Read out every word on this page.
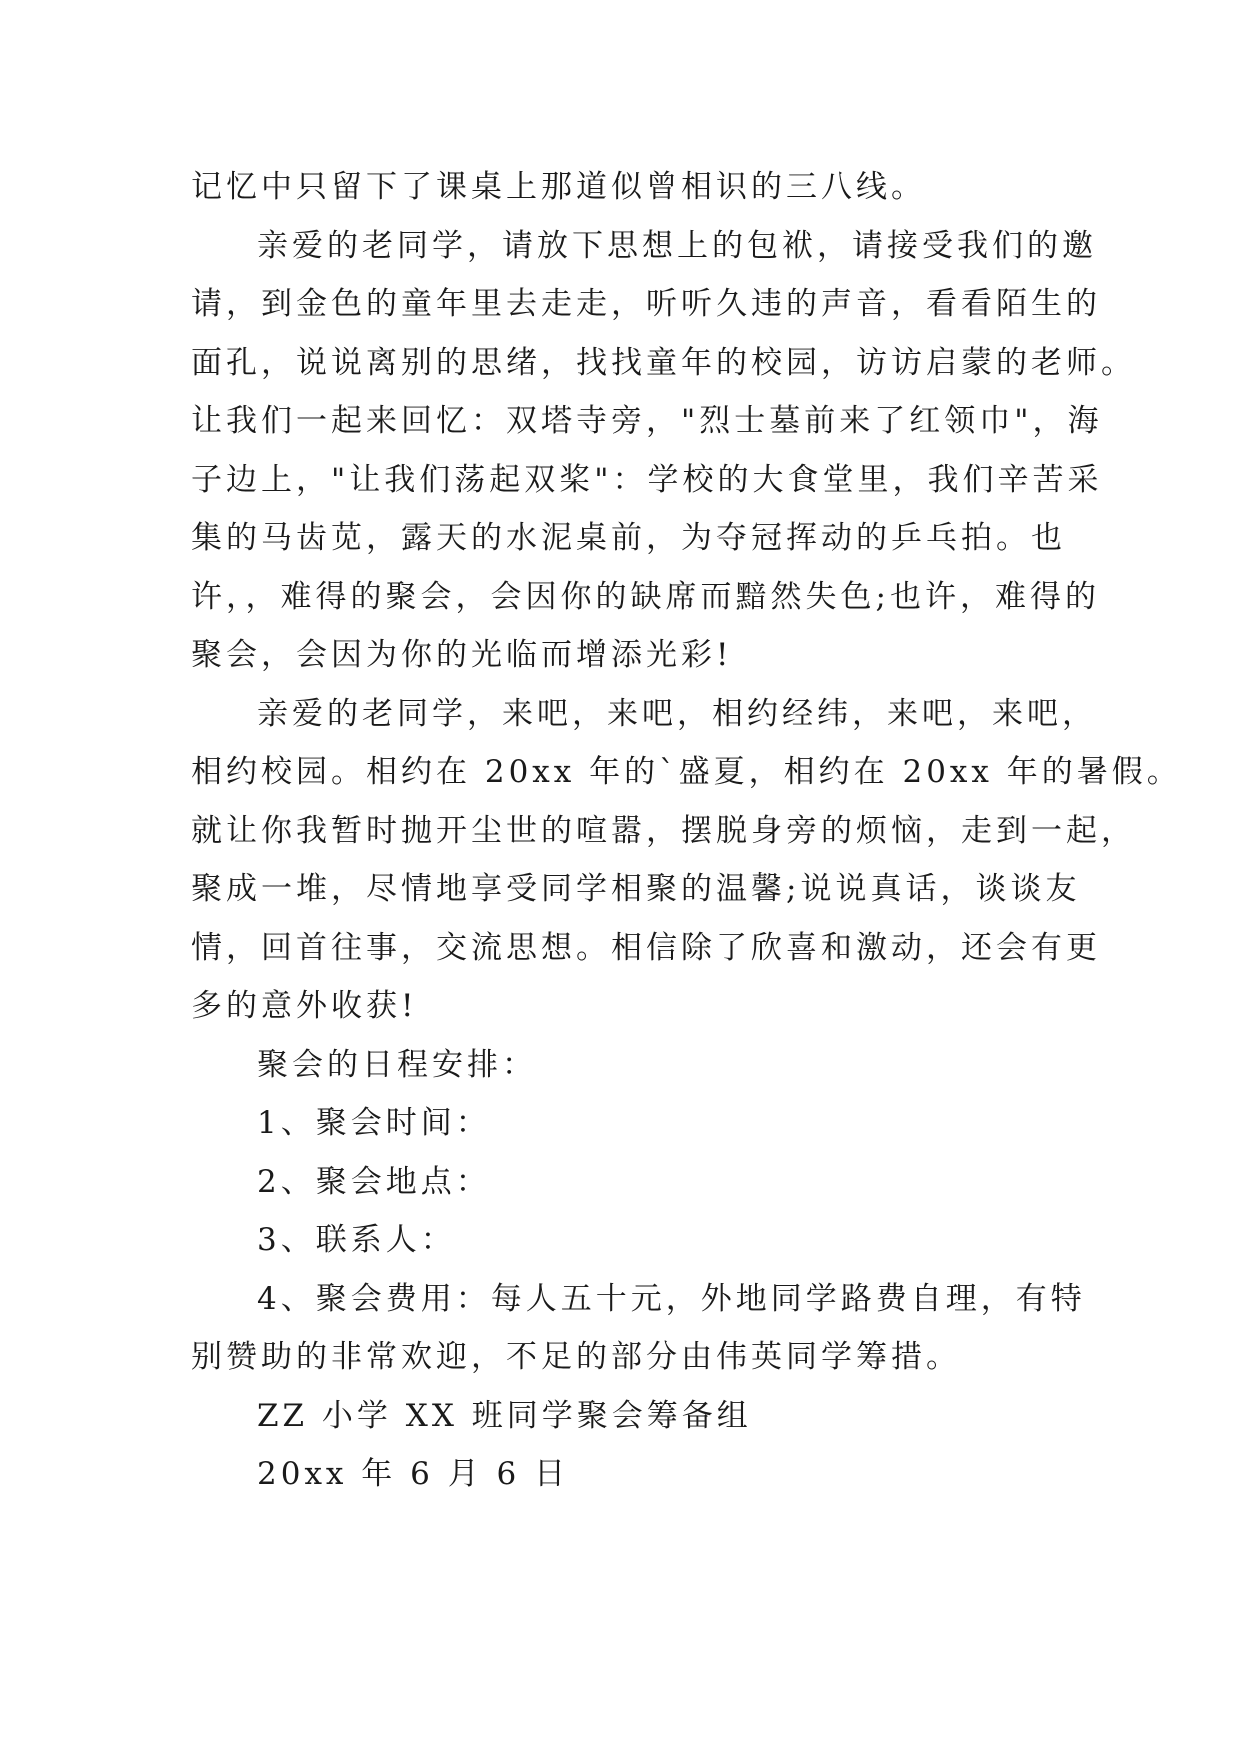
记忆中只留下了课桌上那道似曾相识的三八线。
亲爱的老同学，请放下思想上的包袱，请接受我们的邀
请，到金色的童年里去走走，听听久违的声音，看看陌生的
面孔，说说离别的思绪，找找童年的校园，访访启蒙的老师。
让我们一起来回忆：双塔寺旁，"烈士墓前来了红领巾"，海
子边上，"让我们荡起双桨"：学校的大食堂里，我们辛苦采
集的马齿苋，露天的水泥桌前，为夺冠挥动的乒乓拍。也
许，，难得的聚会，会因你的缺席而黯然失色;也许，难得的
聚会，会因为你的光临而增添光彩!
亲爱的老同学，来吧，来吧，相约经纬，来吧，来吧，
相约校园。相约在 20xx 年的`盛夏，相约在 20xx 年的暑假。
就让你我暂时抛开尘世的喧嚣，摆脱身旁的烦恼，走到一起，
聚成一堆，尽情地享受同学相聚的温馨;说说真话，谈谈友
情，回首往事，交流思想。相信除了欣喜和激动，还会有更
多的意外收获!
聚会的日程安排：
1、聚会时间：
2、聚会地点：
3、联系人：
4、聚会费用：每人五十元，外地同学路费自理，有特
别赞助的非常欢迎，不足的部分由伟英同学筹措。
ZZ 小学 XX 班同学聚会筹备组
20xx 年 6 月 6 日
